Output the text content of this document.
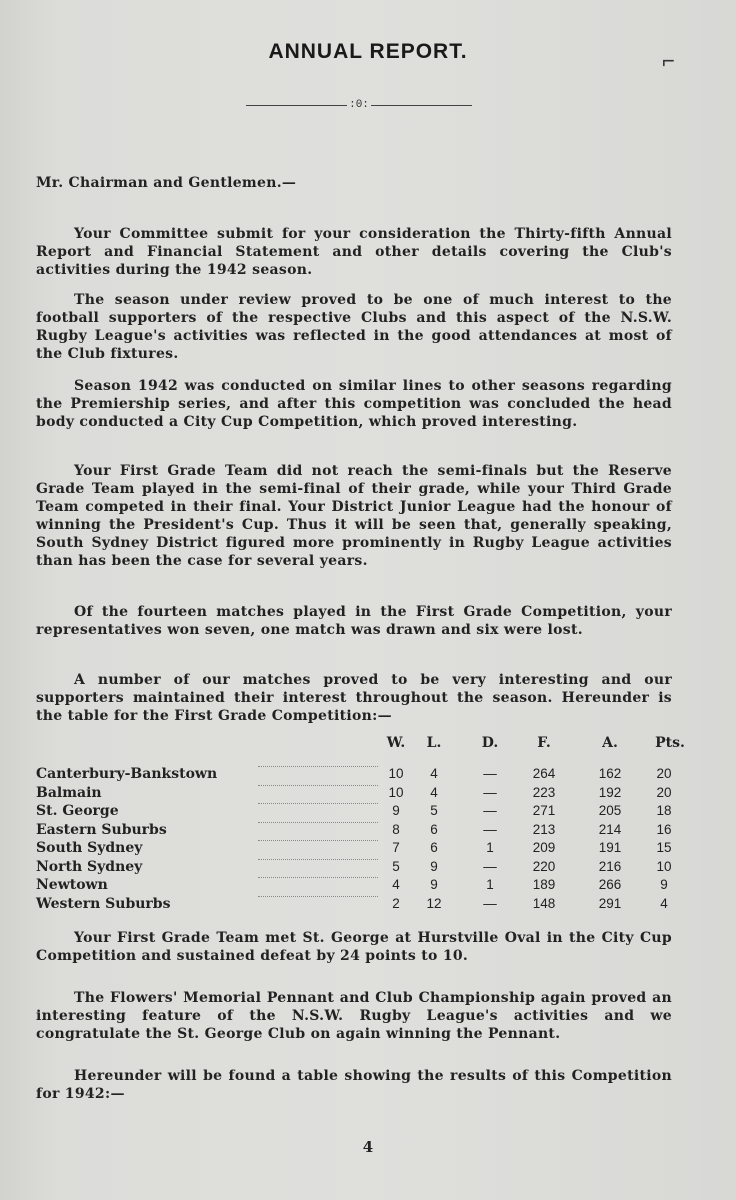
ANNUAL REPORT.	⌐
:0:
Mr. Chairman and Gentlemen.—

Your Committee submit for your consideration the Thirty-fifth Annual Report and Financial Statement and other details covering the Club's activities during the 1942 season.

The season under review proved to be one of much interest to the football supporters of the respective Clubs and this aspect of the N.S.W. Rugby League's activities was reflected in the good attendances at most of the Club fixtures.

Season 1942 was conducted on similar lines to other seasons regarding the Premiership series, and after this competition was concluded the head body conducted a City Cup Competition, which proved interesting.

Your First Grade Team did not reach the semi-finals but the Reserve Grade Team played in the semi-final of their grade, while your Third Grade Team competed in their final. Your District Junior League had the honour of winning the President's Cup. Thus it will be seen that, generally speaking, South Sydney District figured more prominently in Rugby League activities than has been the case for several years.

Of the fourteen matches played in the First Grade Competition, your representatives won seven, one match was drawn and six were lost.

A number of our matches proved to be very interesting and our supporters maintained their interest throughout the season. Hereunder is the table for the First Grade Competition:—

W.	L.	D.	F.	A.	Pts.
Canterbury-Bankstown	10	4	—	264	162	20
Balmain	10	4	—	223	192	20
St. George	9	5	—	271	205	18
Eastern Suburbs	8	6	—	213	214	16
South Sydney	7	6	1	209	191	15
North Sydney	5	9	—	220	216	10
Newtown	4	9	1	189	266	9
Western Suburbs	2	12	—	148	291	4

Your First Grade Team met St. George at Hurstville Oval in the City Cup Competition and sustained defeat by 24 points to 10.

The Flowers' Memorial Pennant and Club Championship again proved an interesting feature of the N.S.W. Rugby League's activities and we congratulate the St. George Club on again winning the Pennant.

Hereunder will be found a table showing the results of this Competition for 1942:—

4
